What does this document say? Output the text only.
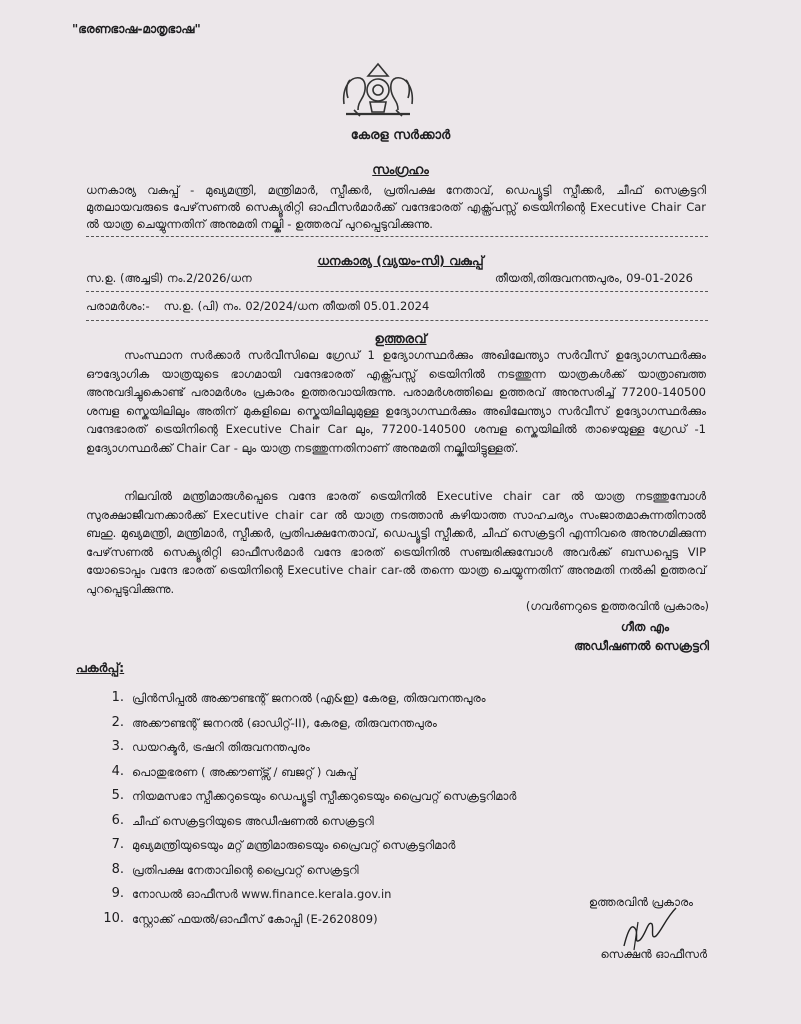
"ഭരണഭാഷ-മാതൃഭാഷ"
കേരള സർക്കാർ
സംഗ്രഹം
ധനകാര്യ വകുപ്പ് - മുഖ്യമന്ത്രി, മന്ത്രിമാർ, സ്പീക്കർ, പ്രതിപക്ഷ നേതാവ്, ഡെപ്യൂട്ടി സ്പീക്കർ, ചീഫ് സെക്രട്ടറി മുതലായവരുടെ പേഴ്‌സണൽ സെക്യൂരിറ്റി ഓഫീസർമാർക്ക് വന്ദേഭാരത് എക്സ്പ്രസ്സ് ട്രെയിനിന്റെ Executive Chair Car ൽ യാത്ര ചെയ്യുന്നതിന് അനുമതി നല്കി - ഉത്തരവ് പുറപ്പെടുവിക്കുന്നു.
ധനകാര്യ (വ്യയം-സി) വകുപ്പ്
സ.ഉ. (അച്ചടി) നം.2/2026/ധന	തീയതി,തിരുവനന്തപുരം, 09-01-2026
പരാമർശം:- സ.ഉ. (പി) നം. 02/2024/ധന തീയതി 05.01.2024
ഉത്തരവ്

സംസ്ഥാന സർക്കാർ സർവീസിലെ ഗ്രേഡ് 1 ഉദ്യോഗസ്ഥർക്കും അഖിലേന്ത്യാ സർവീസ് ഉദ്യോഗസ്ഥർക്കും ഔദ്യോഗിക യാത്രയുടെ ഭാഗമായി വന്ദേഭാരത് എക്സ്പ്രസ്സ് ട്രെയിനിൽ നടത്തുന്ന യാത്രകൾക്ക് യാത്രാബത്ത അനുവദിച്ചുകൊണ്ട് പരാമർശം പ്രകാരം ഉത്തരവായിരുന്നു. പരാമർശത്തിലെ ഉത്തരവ് അനുസരിച്ച് 77200-140500 ശമ്പള സ്കെയിലിലും അതിന് മുകളിലെ സ്കെയിലിലുമുള്ള ഉദ്യോഗസ്ഥർക്കും അഖിലേന്ത്യാ സർവീസ് ഉദ്യോഗസ്ഥർക്കും വന്ദേഭാരത് ട്രെയിനിന്റെ Executive Chair Car ലും, 77200-140500 ശമ്പള സ്കെയിലിൽ താഴെയുള്ള ഗ്രേഡ് -1 ഉദ്യോഗസ്ഥർക്ക് Chair Car - ലും യാത്ര നടത്തുന്നതിനാണ് അനുമതി നല്കിയിട്ടുള്ളത്.

നിലവിൽ മന്ത്രിമാരുൾപ്പെടെ വന്ദേ ഭാരത് ട്രെയിനിൽ Executive chair car ൽ യാത്ര നടത്തുമ്പോൾ സുരക്ഷാജീവനക്കാർക്ക് Executive chair car ൽ യാത്ര നടത്താൻ കഴിയാത്ത സാഹചര്യം സംജാതമാകുന്നതിനാൽ ബഹു. മുഖ്യമന്ത്രി, മന്ത്രിമാർ, സ്പീക്കർ, പ്രതിപക്ഷനേതാവ്, ഡെപ്യൂട്ടി സ്പീക്കർ, ചീഫ് സെക്രട്ടറി എന്നിവരെ അനുഗമിക്കുന്ന പേഴ്‌സണൽ സെക്യൂരിറ്റി ഓഫീസർമാർ വന്ദേ ഭാരത് ട്രെയിനിൽ സഞ്ചരിക്കുമ്പോൾ അവർക്ക് ബന്ധപ്പെട്ട VIP യോടൊപ്പം വന്ദേ ഭാരത് ട്രെയിനിന്റെ Executive chair car-ൽ തന്നെ യാത്ര ചെയ്യുന്നതിന് അനുമതി നൽകി ഉത്തരവ് പുറപ്പെടുവിക്കുന്നു.

(ഗവർണറുടെ ഉത്തരവിൻ പ്രകാരം)
ഗീത എം
അഡീഷണൽ സെക്രട്ടറി
പകർപ്പ്:
1. പ്രിൻസിപ്പൽ അക്കൗണ്ടന്റ് ജനറൽ (എ&ഇ) കേരള, തിരുവനന്തപുരം
2. അക്കൗണ്ടന്റ് ജനറൽ (ഓഡിറ്റ്-II), കേരള, തിരുവനന്തപുരം
3. ഡയറക്ടർ, ട്രഷറി തിരുവനന്തപുരം
4. പൊതുഭരണ ( അക്കൗണ്ട്സ് / ബജറ്റ് ) വകുപ്പ്
5. നിയമസഭാ സ്പീക്കറുടെയും ഡെപ്യൂട്ടി സ്പീക്കറുടെയും പ്രൈവറ്റ് സെക്രട്ടറിമാർ
6. ചീഫ് സെക്രട്ടറിയുടെ അഡീഷണൽ സെക്രട്ടറി
7. മുഖ്യമന്ത്രിയുടെയും മറ്റ് മന്ത്രിമാരുടെയും പ്രൈവറ്റ് സെക്രട്ടറിമാർ
8. പ്രതിപക്ഷ നേതാവിന്റെ പ്രൈവറ്റ് സെക്രട്ടറി
9. നോഡൽ ഓഫീസർ www.finance.kerala.gov.in
10. സ്റ്റോക്ക് ഫയൽ/ഓഫീസ് കോപ്പി (E-2620809)
ഉത്തരവിൻ പ്രകാരം
സെക്ഷൻ ഓഫീസർ
